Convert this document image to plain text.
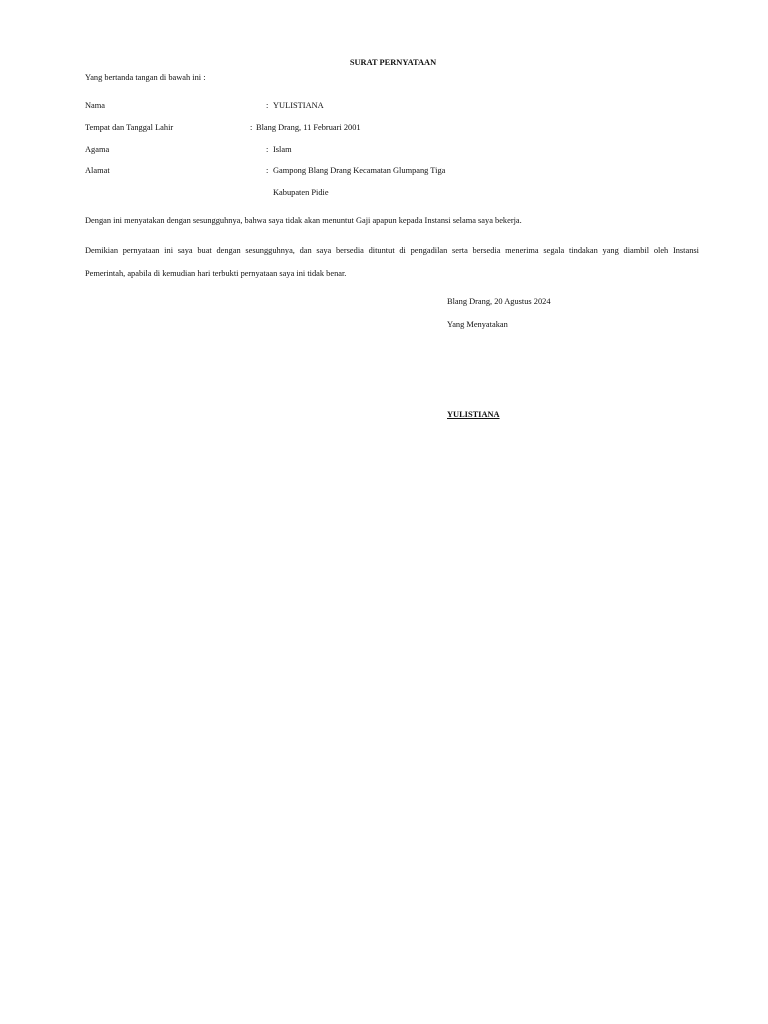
SURAT PERNYATAAN
Yang bertanda tangan di bawah ini :
Nama	: YULISTIANA
Tempat dan Tanggal Lahir	: Blang Drang, 11 Februari 2001
Agama	: Islam
Alamat	: Gampong Blang Drang Kecamatan Glumpang Tiga
Kabupaten Pidie
Dengan ini menyatakan dengan sesungguhnya, bahwa saya tidak akan menuntut Gaji apapun kepada Instansi selama saya bekerja.
Demikian pernyataan ini saya buat dengan sesungguhnya, dan saya bersedia dituntut di pengadilan serta bersedia menerima segala tindakan yang diambil oleh Instansi
Pemerintah, apabila di kemudian hari terbukti pernyataan saya ini tidak benar.
Blang Drang, 20 Agustus 2024
Yang Menyatakan
YULISTIANA
